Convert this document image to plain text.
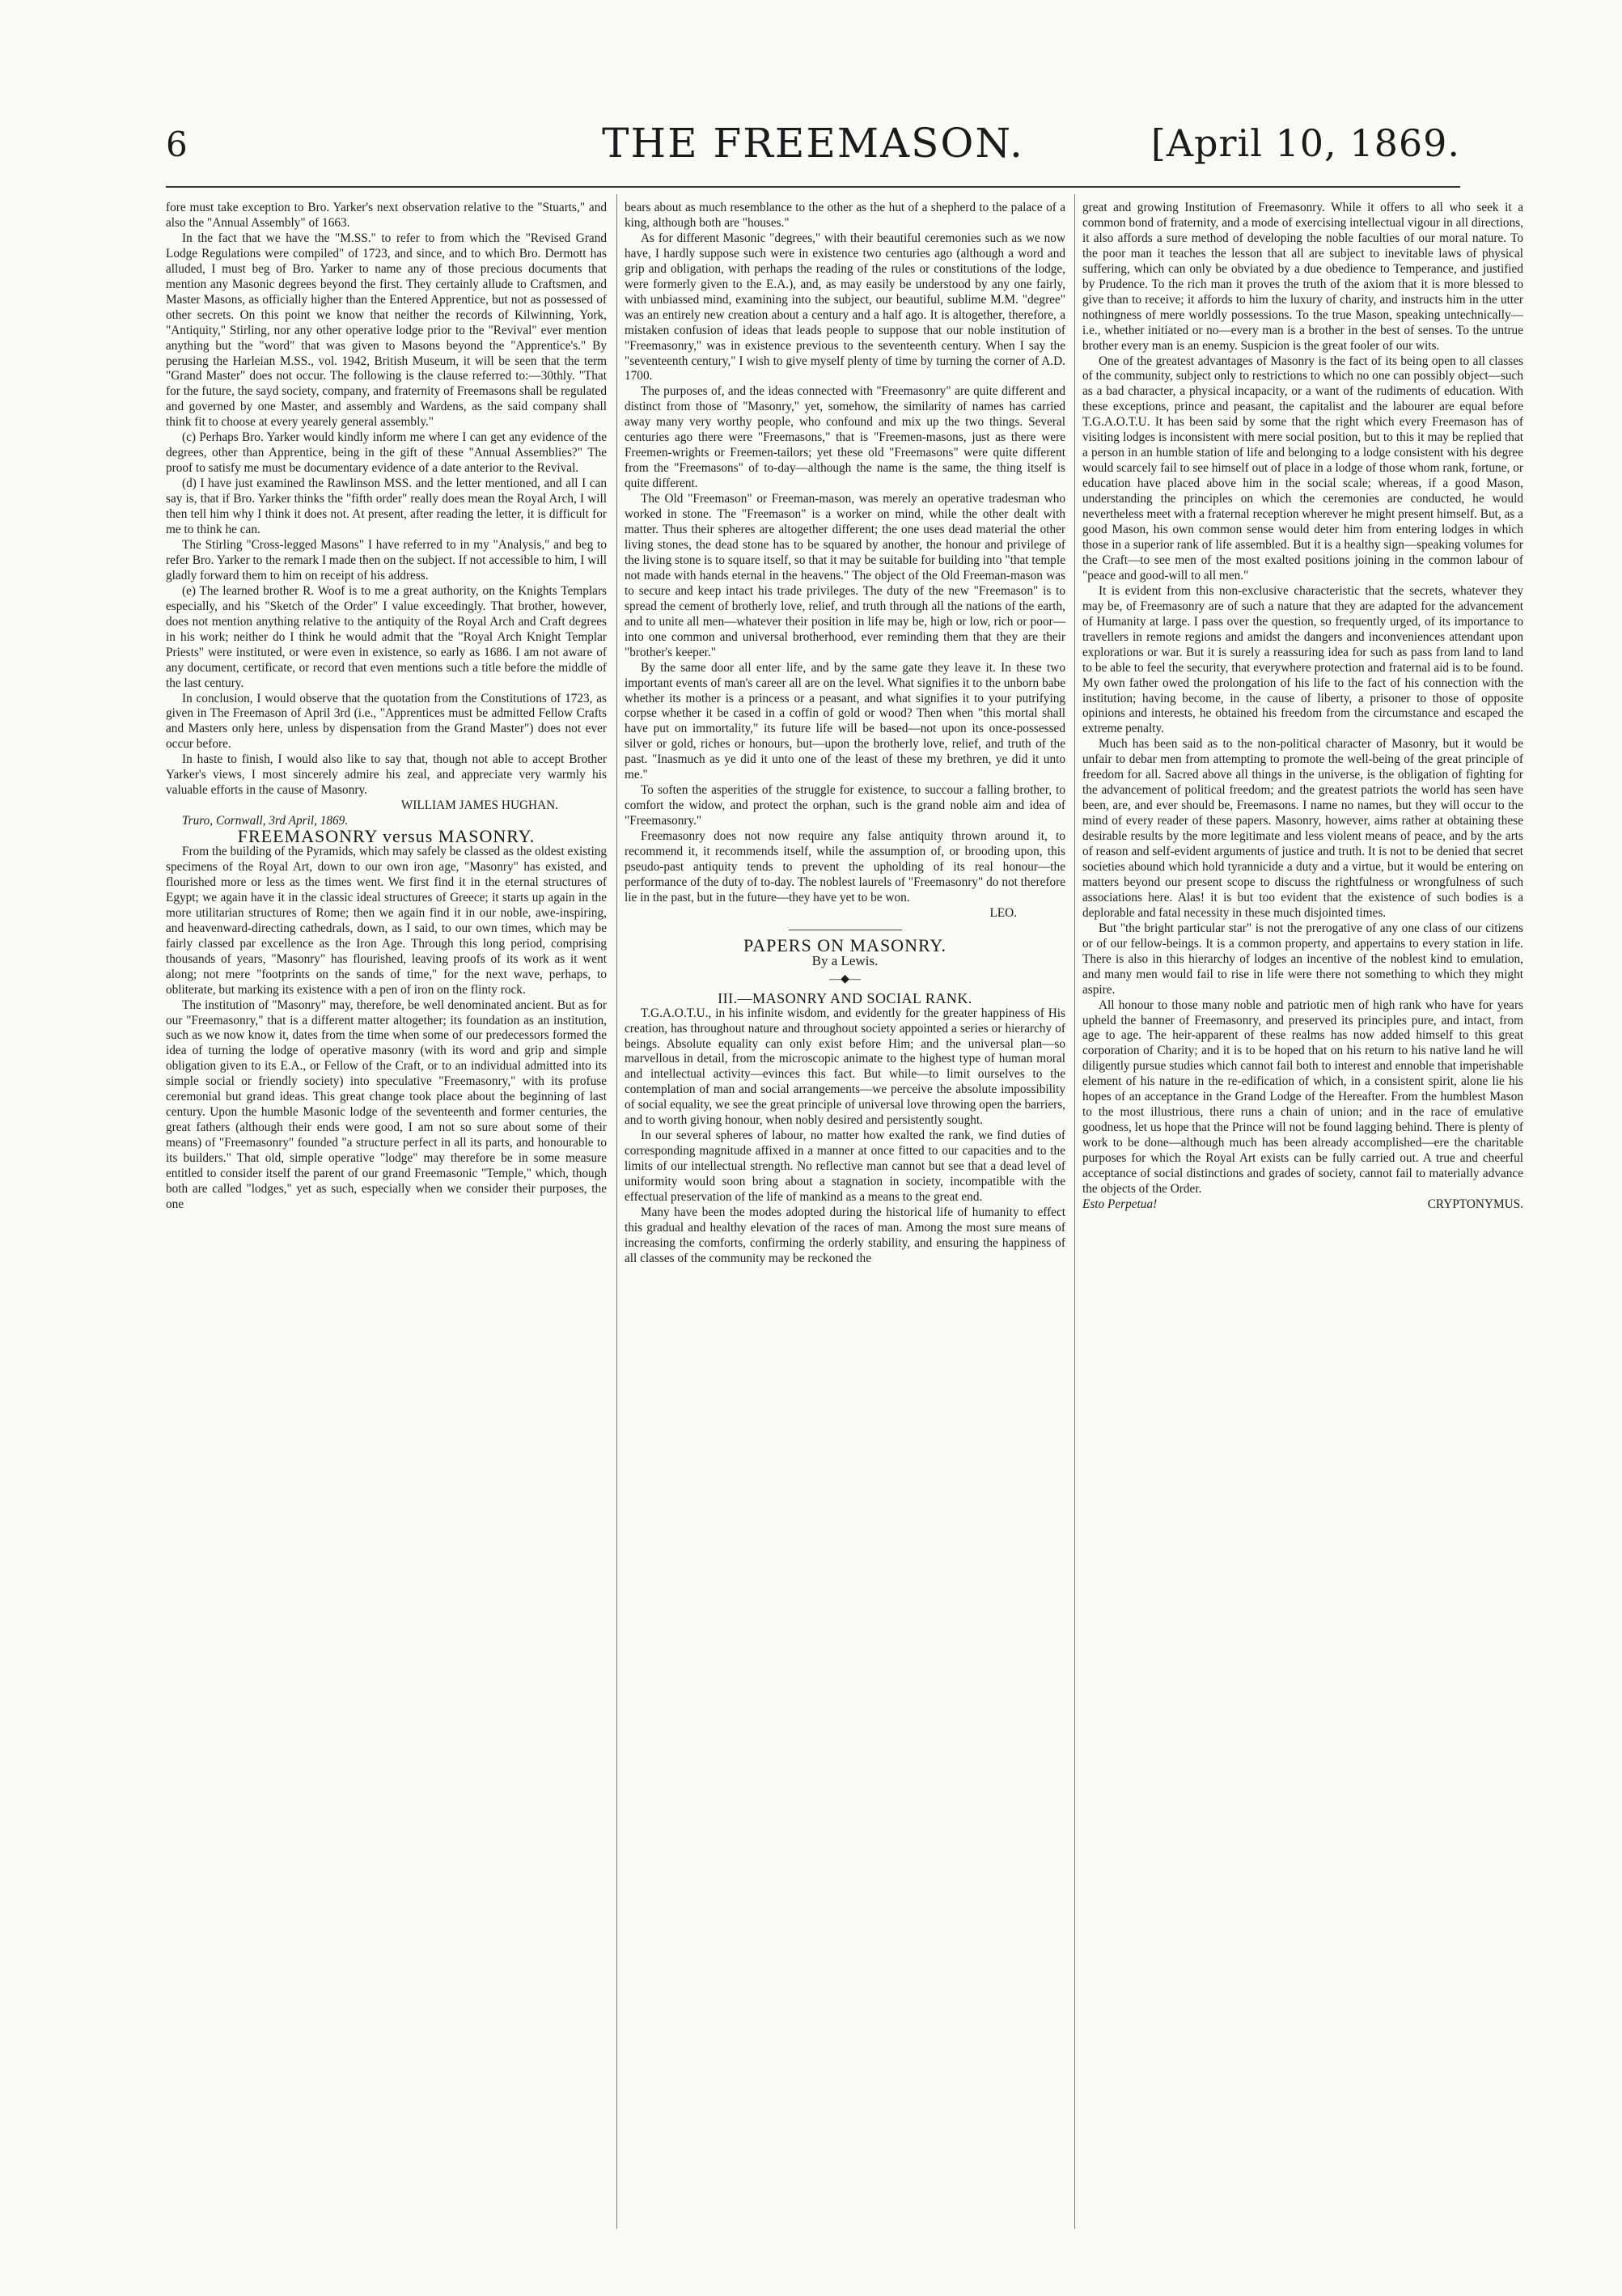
6	THE FREEMASON.	[April 10, 1869.

fore must take exception to Bro. Yarker's next observation relative to the "Stuarts," and also the "Annual Assembly" of 1663.

In the fact that we have the "M.SS." to refer to from which the "Revised Grand Lodge Regulations were compiled" of 1723, and since, and to which Bro. Dermott has alluded, I must beg of Bro. Yarker to name any of those precious documents that mention any Masonic degrees beyond the first. They certainly allude to Craftsmen, and Master Masons, as officially higher than the Entered Apprentice, but not as possessed of other secrets. On this point we know that neither the records of Kilwinning, York, "Antiquity," Stirling, nor any other operative lodge prior to the "Revival" ever mention anything but the "word" that was given to Masons beyond the "Apprentice's." By perusing the Harleian M.SS., vol. 1942, British Museum, it will be seen that the term "Grand Master" does not occur. The following is the clause referred to:—30thly. "That for the future, the sayd society, company, and fraternity of Freemasons shall be regulated and governed by one Master, and assembly and Wardens, as the said company shall think fit to choose at every yearely general assembly."

(c) Perhaps Bro. Yarker would kindly inform me where I can get any evidence of the degrees, other than Apprentice, being in the gift of these "Annual Assemblies?" The proof to satisfy me must be documentary evidence of a date anterior to the Revival.

(d) I have just examined the Rawlinson MSS. and the letter mentioned, and all I can say is, that if Bro. Yarker thinks the "fifth order" really does mean the Royal Arch, I will then tell him why I think it does not. At present, after reading the letter, it is difficult for me to think he can.

The Stirling "Cross-legged Masons" I have referred to in my "Analysis," and beg to refer Bro. Yarker to the remark I made then on the subject. If not accessible to him, I will gladly forward them to him on receipt of his address.

(e) The learned brother R. Woof is to me a great authority, on the Knights Templars especially, and his "Sketch of the Order" I value exceedingly. That brother, however, does not mention anything relative to the antiquity of the Royal Arch and Craft degrees in his work; neither do I think he would admit that the "Royal Arch Knight Templar Priests" were instituted, or were even in existence, so early as 1686. I am not aware of any document, certificate, or record that even mentions such a title before the middle of the last century.

In conclusion, I would observe that the quotation from the Constitutions of 1723, as given in The Freemason of April 3rd (i.e., "Apprentices must be admitted Fellow Crafts and Masters only here, unless by dispensation from the Grand Master") does not ever occur before.

In haste to finish, I would also like to say that, though not able to accept Brother Yarker's views, I most sincerely admire his zeal, and appreciate very warmly his valuable efforts in the cause of Masonry.

WILLIAM JAMES HUGHAN.

Truro, Cornwall, 3rd April, 1869.

FREEMASONRY versus MASONRY.

From the building of the Pyramids, which may safely be classed as the oldest existing specimens of the Royal Art, down to our own iron age, "Masonry" has existed, and flourished more or less as the times went. We first find it in the eternal structures of Egypt; we again have it in the classic ideal structures of Greece; it starts up again in the more utilitarian structures of Rome; then we again find it in our noble, awe-inspiring, and heavenward-directing cathedrals, down, as I said, to our own times, which may be fairly classed par excellence as the Iron Age. Through this long period, comprising thousands of years, "Masonry" has flourished, leaving proofs of its work as it went along; not mere "footprints on the sands of time," for the next wave, perhaps, to obliterate, but marking its existence with a pen of iron on the flinty rock.

The institution of "Masonry" may, therefore, be well denominated ancient. But as for our "Freemasonry," that is a different matter altogether; its foundation as an institution, such as we now know it, dates from the time when some of our predecessors formed the idea of turning the lodge of operative masonry (with its word and grip and simple obligation given to its E.A., or Fellow of the Craft, or to an individual admitted into its simple social or friendly society) into speculative "Freemasonry," with its profuse ceremonial but grand ideas. This great change took place about the beginning of last century. Upon the humble Masonic lodge of the seventeenth and former centuries, the great fathers (although their ends were good, I am not so sure about some of their means) of "Freemasonry" founded "a structure perfect in all its parts, and honourable to its builders." That old, simple operative "lodge" may therefore be in some measure entitled to consider itself the parent of our grand Freemasonic "Temple," which, though both are called "lodges," yet as such, especially when we consider their purposes, the one

bears about as much resemblance to the other as the hut of a shepherd to the palace of a king, although both are "houses."

As for different Masonic "degrees," with their beautiful ceremonies such as we now have, I hardly suppose such were in existence two centuries ago (although a word and grip and obligation, with perhaps the reading of the rules or constitutions of the lodge, were formerly given to the E.A.), and, as may easily be understood by any one fairly, with unbiassed mind, examining into the subject, our beautiful, sublime M.M. "degree" was an entirely new creation about a century and a half ago. It is altogether, therefore, a mistaken confusion of ideas that leads people to suppose that our noble institution of "Freemasonry," was in existence previous to the seventeenth century. When I say the "seventeenth century," I wish to give myself plenty of time by turning the corner of A.D. 1700.

The purposes of, and the ideas connected with "Freemasonry" are quite different and distinct from those of "Masonry," yet, somehow, the similarity of names has carried away many very worthy people, who confound and mix up the two things. Several centuries ago there were "Freemasons," that is "Freemen-masons, just as there were Freemen-wrights or Freemen-tailors; yet these old "Freemasons" were quite different from the "Freemasons" of to-day—although the name is the same, the thing itself is quite different.

The Old "Freemason" or Freeman-mason, was merely an operative tradesman who worked in stone. The "Freemason" is a worker on mind, while the other dealt with matter. Thus their spheres are altogether different; the one uses dead material the other living stones, the dead stone has to be squared by another, the honour and privilege of the living stone is to square itself, so that it may be suitable for building into "that temple not made with hands eternal in the heavens." The object of the Old Freeman-mason was to secure and keep intact his trade privileges. The duty of the new "Freemason" is to spread the cement of brotherly love, relief, and truth through all the nations of the earth, and to unite all men—whatever their position in life may be, high or low, rich or poor—into one common and universal brotherhood, ever reminding them that they are their "brother's keeper."

By the same door all enter life, and by the same gate they leave it. In these two important events of man's career all are on the level. What signifies it to the unborn babe whether its mother is a princess or a peasant, and what signifies it to your putrifying corpse whether it be cased in a coffin of gold or wood? Then when "this mortal shall have put on immortality," its future life will be based—not upon its once-possessed silver or gold, riches or honours, but—upon the brotherly love, relief, and truth of the past. "Inasmuch as ye did it unto one of the least of these my brethren, ye did it unto me."

To soften the asperities of the struggle for existence, to succour a falling brother, to comfort the widow, and protect the orphan, such is the grand noble aim and idea of "Freemasonry."

Freemasonry does not now require any false antiquity thrown around it, to recommend it, it recommends itself, while the assumption of, or brooding upon, this pseudo-past antiquity tends to prevent the upholding of its real honour—the performance of the duty of to-day. The noblest laurels of "Freemasonry" do not therefore lie in the past, but in the future—they have yet to be won.

LEO.

PAPERS ON MASONRY.

By a Lewis.

—◆—

III.—MASONRY AND SOCIAL RANK.

T.G.A.O.T.U., in his infinite wisdom, and evidently for the greater happiness of His creation, has throughout nature and throughout society appointed a series or hierarchy of beings. Absolute equality can only exist before Him; and the universal plan—so marvellous in detail, from the microscopic animate to the highest type of human moral and intellectual activity—evinces this fact. But while—to limit ourselves to the contemplation of man and social arrangements—we perceive the absolute impossibility of social equality, we see the great principle of universal love throwing open the barriers, and to worth giving honour, when nobly desired and persistently sought.

In our several spheres of labour, no matter how exalted the rank, we find duties of corresponding magnitude affixed in a manner at once fitted to our capacities and to the limits of our intellectual strength. No reflective man cannot but see that a dead level of uniformity would soon bring about a stagnation in society, incompatible with the effectual preservation of the life of mankind as a means to the great end.

Many have been the modes adopted during the historical life of humanity to effect this gradual and healthy elevation of the races of man. Among the most sure means of increasing the comforts, confirming the orderly stability, and ensuring the happiness of all classes of the community may be reckoned the

great and growing Institution of Freemasonry. While it offers to all who seek it a common bond of fraternity, and a mode of exercising intellectual vigour in all directions, it also affords a sure method of developing the noble faculties of our moral nature. To the poor man it teaches the lesson that all are subject to inevitable laws of physical suffering, which can only be obviated by a due obedience to Temperance, and justified by Prudence. To the rich man it proves the truth of the axiom that it is more blessed to give than to receive; it affords to him the luxury of charity, and instructs him in the utter nothingness of mere worldly possessions. To the true Mason, speaking untechnically—i.e., whether initiated or no—every man is a brother in the best of senses. To the untrue brother every man is an enemy. Suspicion is the great fooler of our wits.

One of the greatest advantages of Masonry is the fact of its being open to all classes of the community, subject only to restrictions to which no one can possibly object—such as a bad character, a physical incapacity, or a want of the rudiments of education. With these exceptions, prince and peasant, the capitalist and the labourer are equal before T.G.A.O.T.U. It has been said by some that the right which every Freemason has of visiting lodges is inconsistent with mere social position, but to this it may be replied that a person in an humble station of life and belonging to a lodge consistent with his degree would scarcely fail to see himself out of place in a lodge of those whom rank, fortune, or education have placed above him in the social scale; whereas, if a good Mason, understanding the principles on which the ceremonies are conducted, he would nevertheless meet with a fraternal reception wherever he might present himself. But, as a good Mason, his own common sense would deter him from entering lodges in which those in a superior rank of life assembled. But it is a healthy sign—speaking volumes for the Craft—to see men of the most exalted positions joining in the common labour of "peace and good-will to all men."

It is evident from this non-exclusive characteristic that the secrets, whatever they may be, of Freemasonry are of such a nature that they are adapted for the advancement of Humanity at large. I pass over the question, so frequently urged, of its importance to travellers in remote regions and amidst the dangers and inconveniences attendant upon explorations or war. But it is surely a reassuring idea for such as pass from land to land to be able to feel the security, that everywhere protection and fraternal aid is to be found. My own father owed the prolongation of his life to the fact of his connection with the institution; having become, in the cause of liberty, a prisoner to those of opposite opinions and interests, he obtained his freedom from the circumstance and escaped the extreme penalty.

Much has been said as to the non-political character of Masonry, but it would be unfair to debar men from attempting to promote the well-being of the great principle of freedom for all. Sacred above all things in the universe, is the obligation of fighting for the advancement of political freedom; and the greatest patriots the world has seen have been, are, and ever should be, Freemasons. I name no names, but they will occur to the mind of every reader of these papers. Masonry, however, aims rather at obtaining these desirable results by the more legitimate and less violent means of peace, and by the arts of reason and self-evident arguments of justice and truth. It is not to be denied that secret societies abound which hold tyrannicide a duty and a virtue, but it would be entering on matters beyond our present scope to discuss the rightfulness or wrongfulness of such associations here. Alas! it is but too evident that the existence of such bodies is a deplorable and fatal necessity in these much disjointed times.

But "the bright particular star" is not the prerogative of any one class of our citizens or of our fellow-beings. It is a common property, and appertains to every station in life. There is also in this hierarchy of lodges an incentive of the noblest kind to emulation, and many men would fail to rise in life were there not something to which they might aspire.

All honour to those many noble and patriotic men of high rank who have for years upheld the banner of Freemasonry, and preserved its principles pure, and intact, from age to age. The heir-apparent of these realms has now added himself to this great corporation of Charity; and it is to be hoped that on his return to his native land he will diligently pursue studies which cannot fail both to interest and ennoble that imperishable element of his nature in the re-edification of which, in a consistent spirit, alone lie his hopes of an acceptance in the Grand Lodge of the Hereafter. From the humblest Mason to the most illustrious, there runs a chain of union; and in the race of emulative goodness, let us hope that the Prince will not be found lagging behind. There is plenty of work to be done—although much has been already accomplished—ere the charitable purposes for which the Royal Art exists can be fully carried out. A true and cheerful acceptance of social distinctions and grades of society, cannot fail to materially advance the objects of the Order.

Esto Perpetua!	CRYPTONYMUS.
